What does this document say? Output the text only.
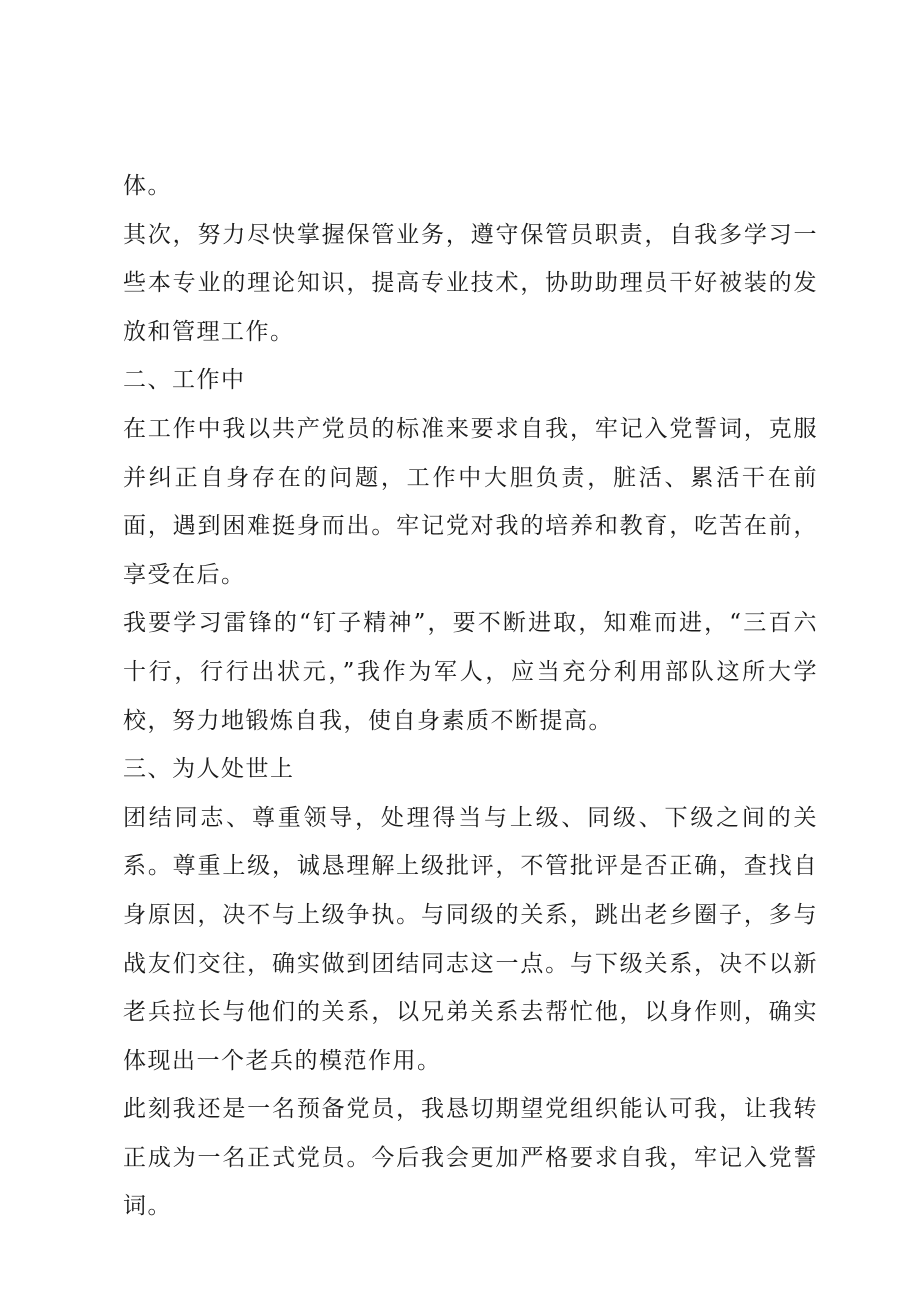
体。

其次，努力尽快掌握保管业务，遵守保管员职责，自我多学习一些本专业的理论知识，提高专业技术，协助助理员干好被装的发放和管理工作。

二、工作中

在工作中我以共产党员的标准来要求自我，牢记入党誓词，克服并纠正自身存在的问题，工作中大胆负责，脏活、累活干在前面，遇到困难挺身而出。牢记党对我的培养和教育，吃苦在前，享受在后。

我要学习雷锋的“钉子精神”，要不断进取，知难而进，“三百六十行，行行出状元，”我作为军人，应当充分利用部队这所大学校，努力地锻炼自我，使自身素质不断提高。

三、为人处世上

团结同志、尊重领导，处理得当与上级、同级、下级之间的关系。尊重上级，诚恳理解上级批评，不管批评是否正确，查找自身原因，决不与上级争执。与同级的关系，跳出老乡圈子，多与战友们交往，确实做到团结同志这一点。与下级关系，决不以新老兵拉长与他们的关系，以兄弟关系去帮忙他，以身作则，确实体现出一个老兵的模范作用。

此刻我还是一名预备党员，我恳切期望党组织能认可我，让我转正成为一名正式党员。今后我会更加严格要求自我，牢记入党誓词。
